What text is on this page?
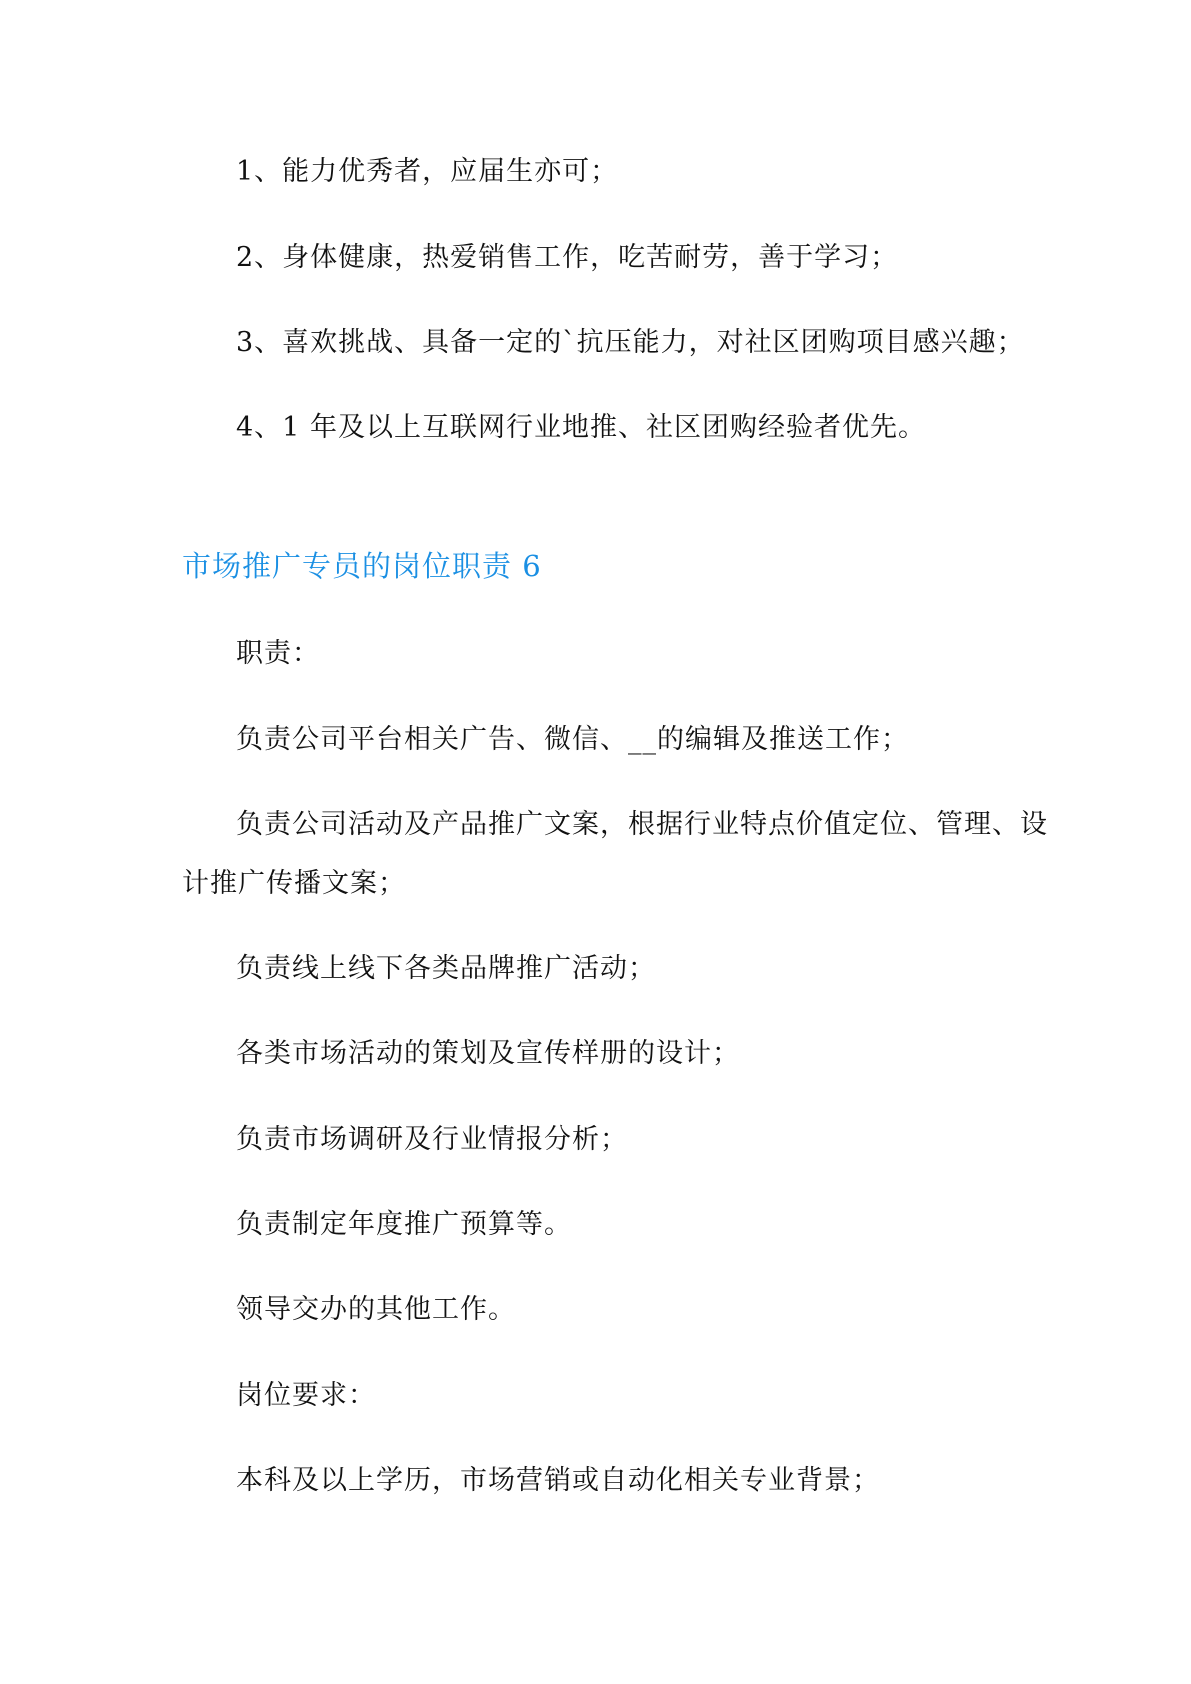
1、能力优秀者，应届生亦可；
2、身体健康，热爱销售工作，吃苦耐劳，善于学习；
3、喜欢挑战、具备一定的`抗压能力，对社区团购项目感兴趣；
4、1 年及以上互联网行业地推、社区团购经验者优先。
市场推广专员的岗位职责 6
职责：
负责公司平台相关广告、微信、__的编辑及推送工作；
负责公司活动及产品推广文案，根据行业特点价值定位、管理、设
计推广传播文案；
负责线上线下各类品牌推广活动；
各类市场活动的策划及宣传样册的设计；
负责市场调研及行业情报分析；
负责制定年度推广预算等。
领导交办的其他工作。
岗位要求：
本科及以上学历，市场营销或自动化相关专业背景；
